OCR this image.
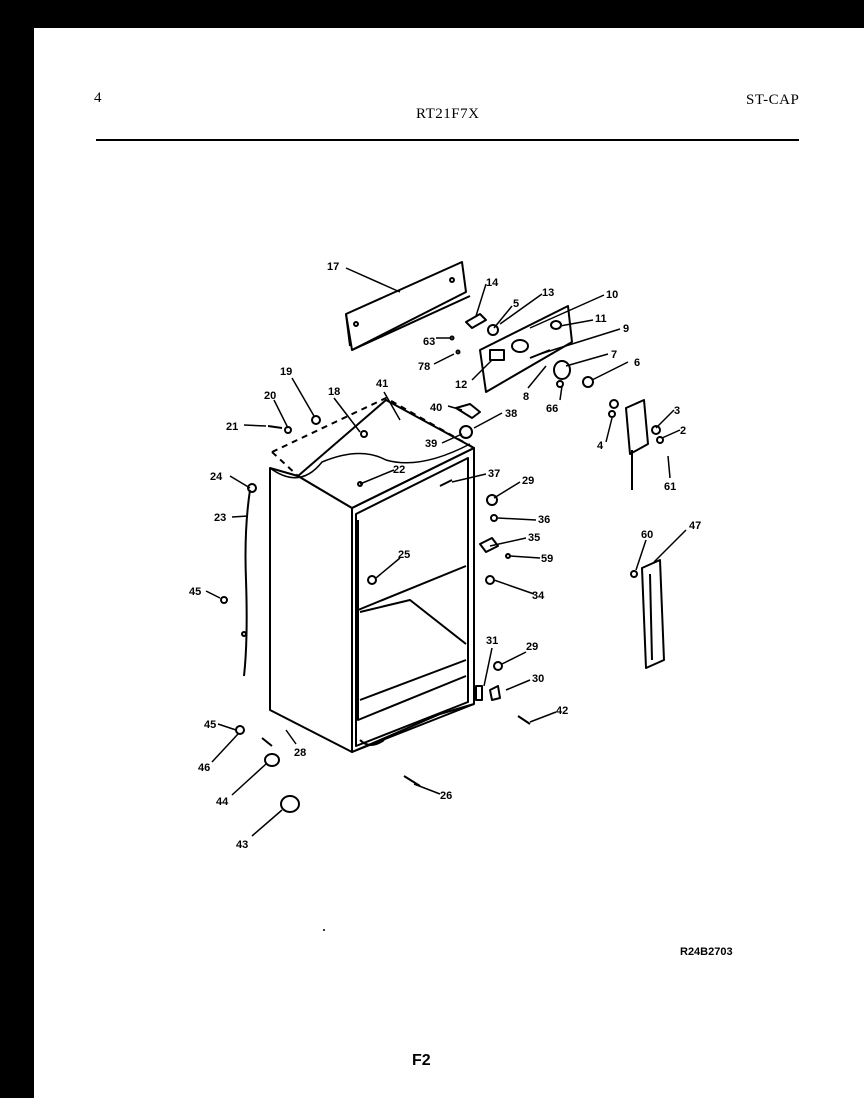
4
RT21F7X
ST-CAP
17
14
5
13	10
11
63
9
78
12
7
8
6
66
19
18
41
20
40	38
21
39	4
3
2
61
22	37
24	29
23	36
35
47
60
25	59
45	34
31	29
30
42
45
28
46
44	26
43
R24B2703
F2
